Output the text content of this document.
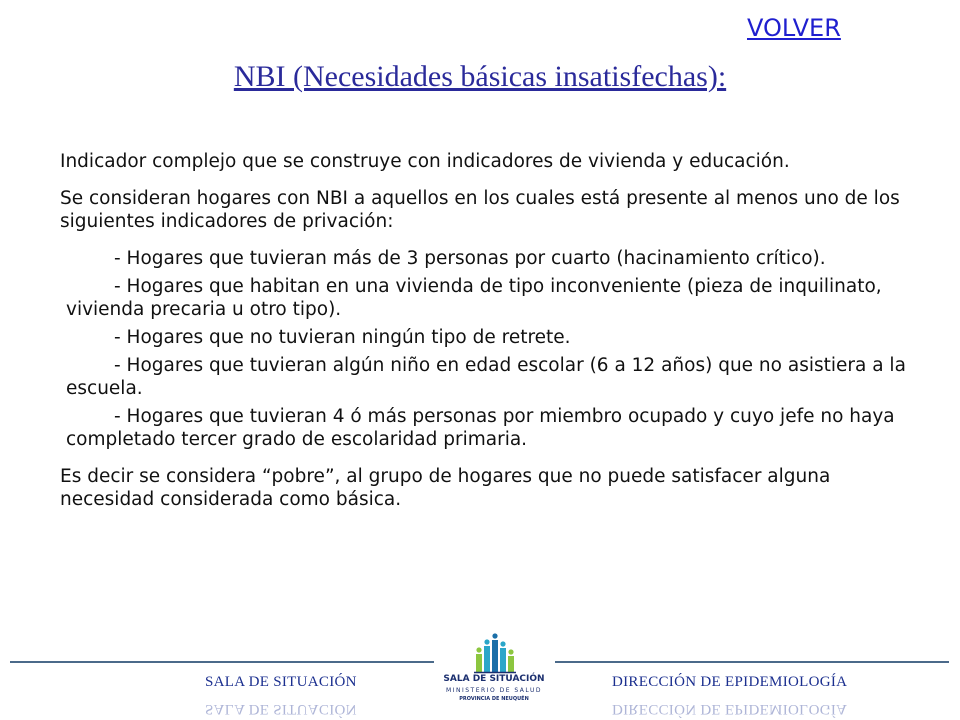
VOLVER
NBI (Necesidades básicas insatisfechas):

Indicador complejo que se construye con indicadores de vivienda y educación.

Se consideran hogares con NBI a aquellos en los cuales está presente al menos uno de los siguientes indicadores de privación:

- Hogares que tuvieran más de 3 personas por cuarto (hacinamiento crítico).
- Hogares que habitan en una vivienda de tipo inconveniente (pieza de inquilinato, vivienda precaria u otro tipo).
- Hogares que no tuvieran ningún tipo de retrete.
- Hogares que tuvieran algún niño en edad escolar (6 a 12 años) que no asistiera a la escuela.
- Hogares que tuvieran 4 ó más personas por miembro ocupado y cuyo jefe no haya completado tercer grado de escolaridad primaria.

Es decir se considera “pobre”, al grupo de hogares que no puede satisfacer alguna necesidad considerada como básica.

SALA DE SITUACIÓN
SALA DE SITUACIÓN
DIRECCIÓN DE EPIDEMIOLOGÍA
DIRECCIÓN DE EPIDEMIOLOGÍA
SALA DE SITUACIÓN
MINISTERIO DE SALUD
PROVINCIA DE NEUQUÉN
